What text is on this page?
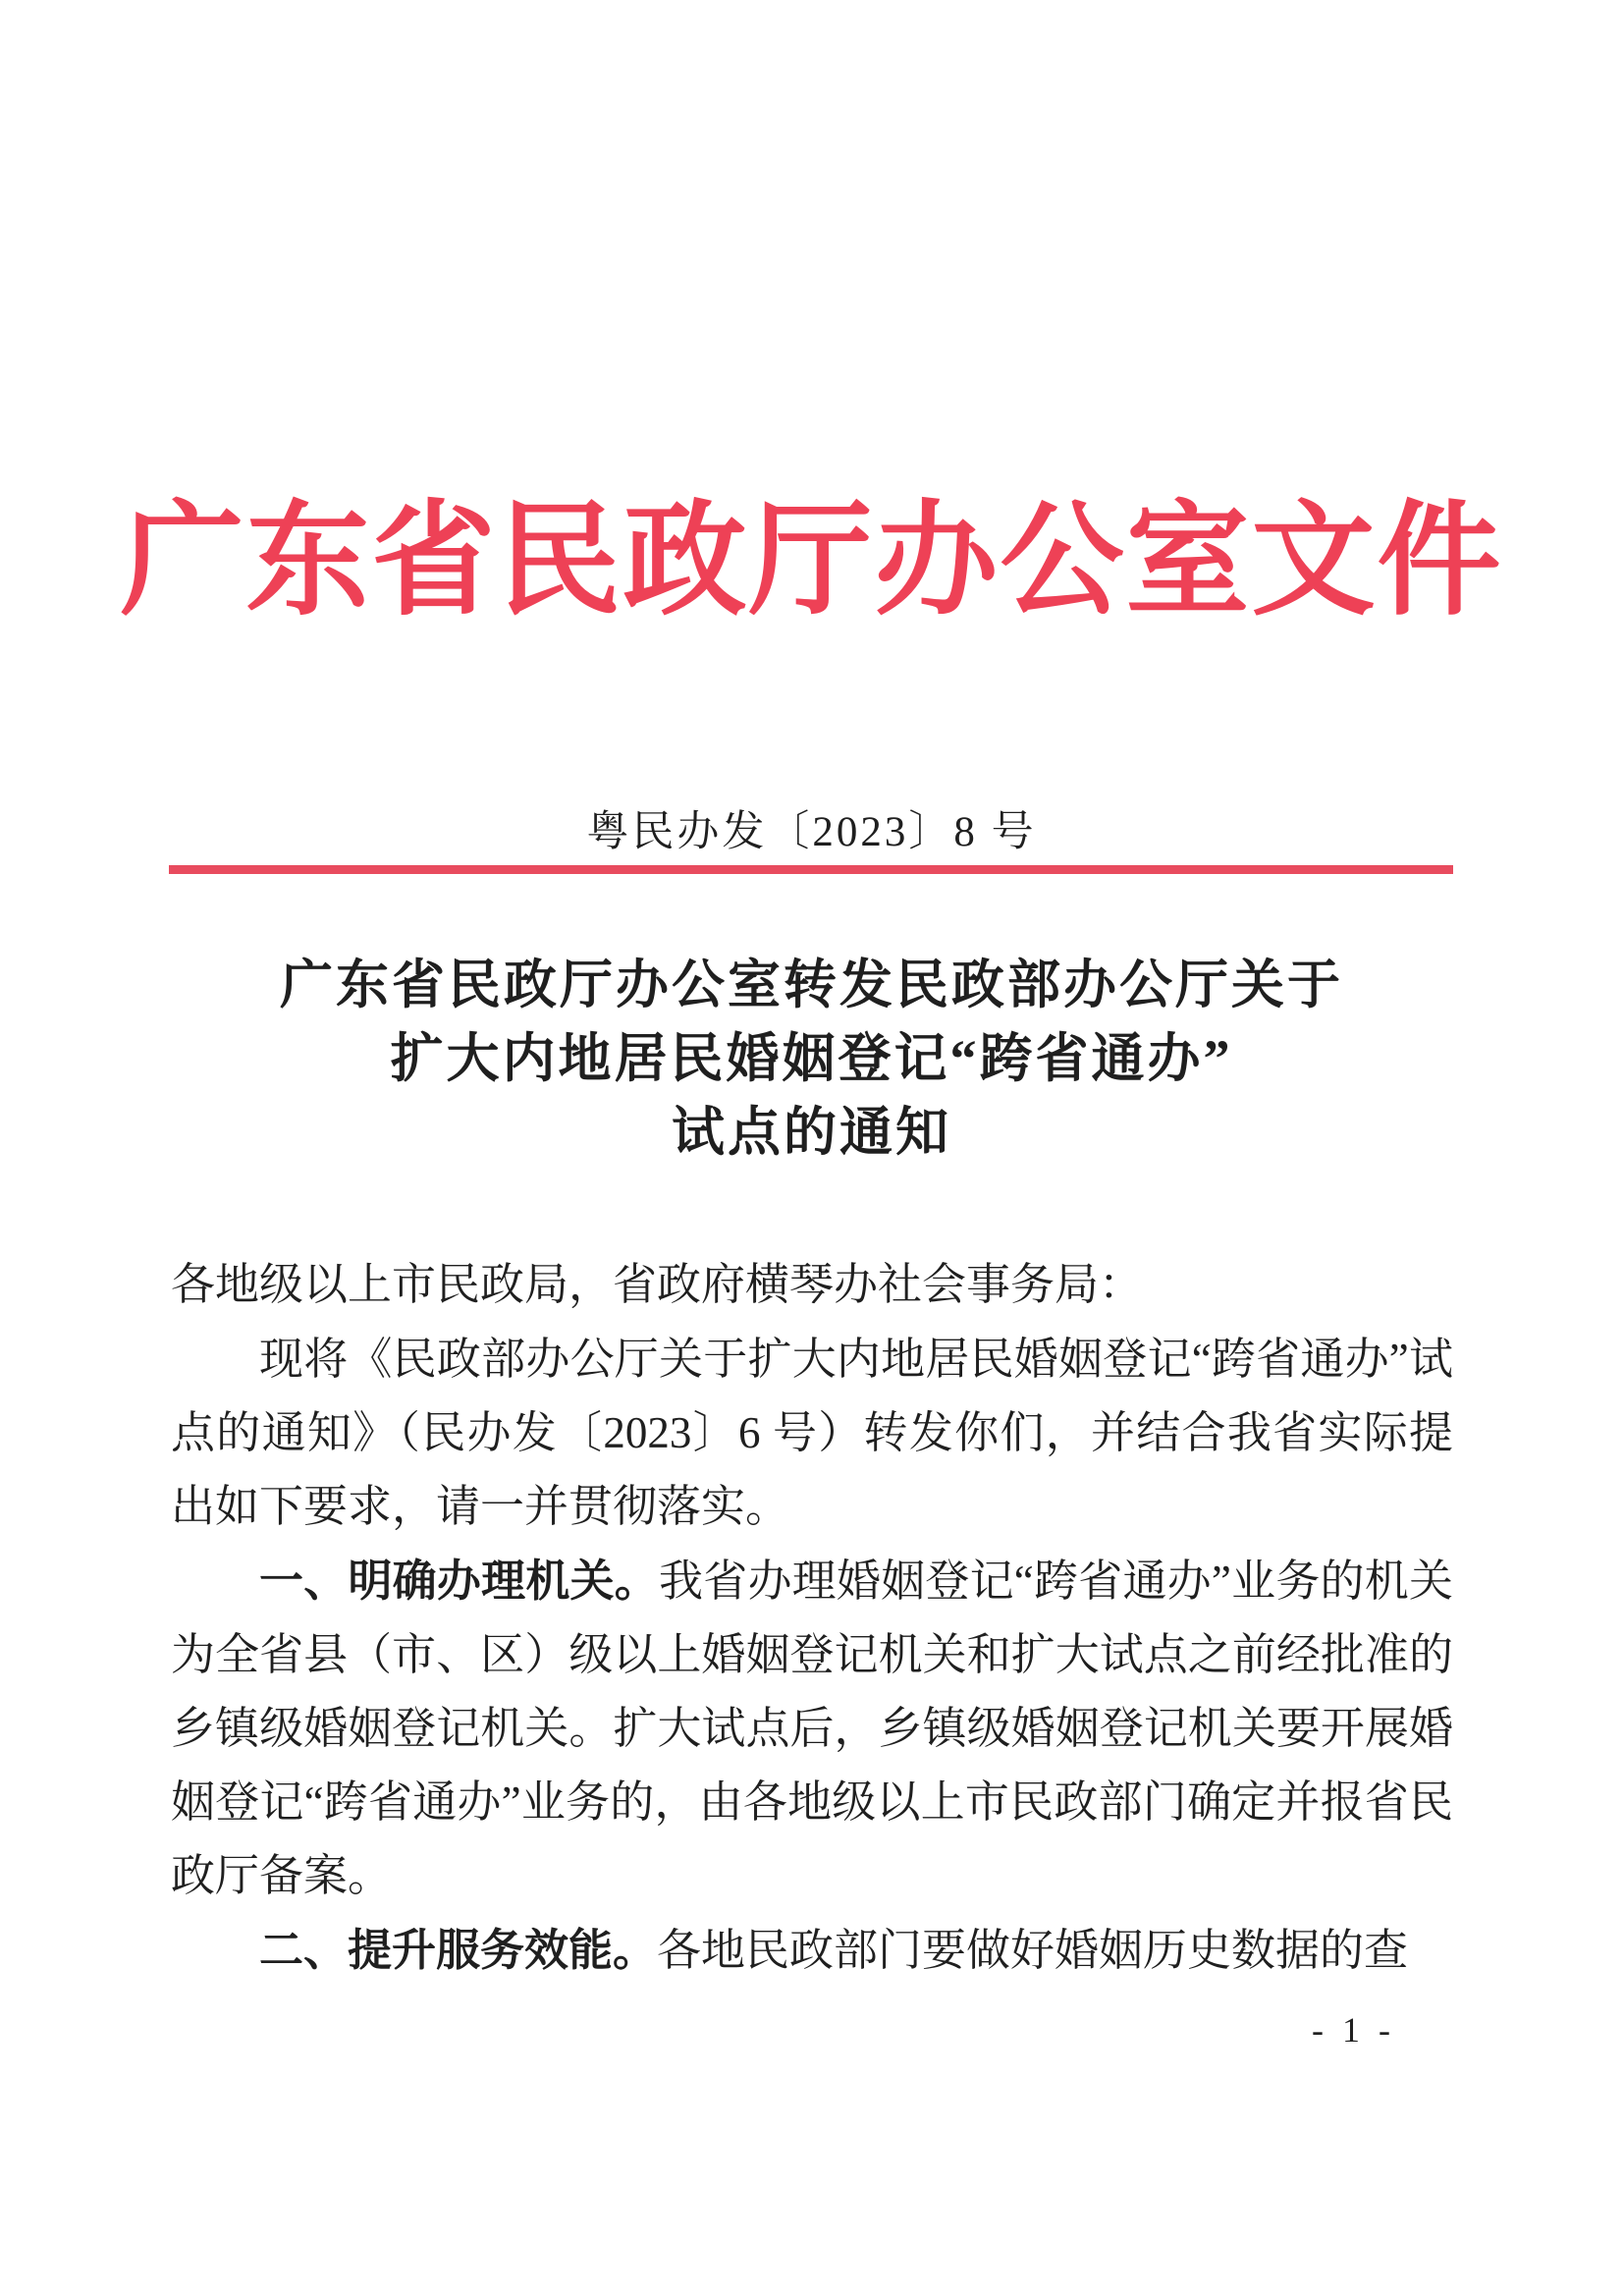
广东省民政厅办公室文件
粤民办发〔2023〕8 号
广东省民政厅办公室转发民政部办公厅关于
扩大内地居民婚姻登记“跨省通办”
试点的通知

各地级以上市民政局，省政府横琴办社会事务局：

现将《民政部办公厅关于扩大内地居民婚姻登记“跨省通办”试点的通知》（民办发〔2023〕6 号）转发你们，并结合我省实际提出如下要求，请一并贯彻落实。

一、明确办理机关。我省办理婚姻登记“跨省通办”业务的机关为全省县（市、区）级以上婚姻登记机关和扩大试点之前经批准的乡镇级婚姻登记机关。扩大试点后，乡镇级婚姻登记机关要开展婚姻登记“跨省通办”业务的，由各地级以上市民政部门确定并报省民政厅备案。

二、提升服务效能。各地民政部门要做好婚姻历史数据的查

- 1 -
